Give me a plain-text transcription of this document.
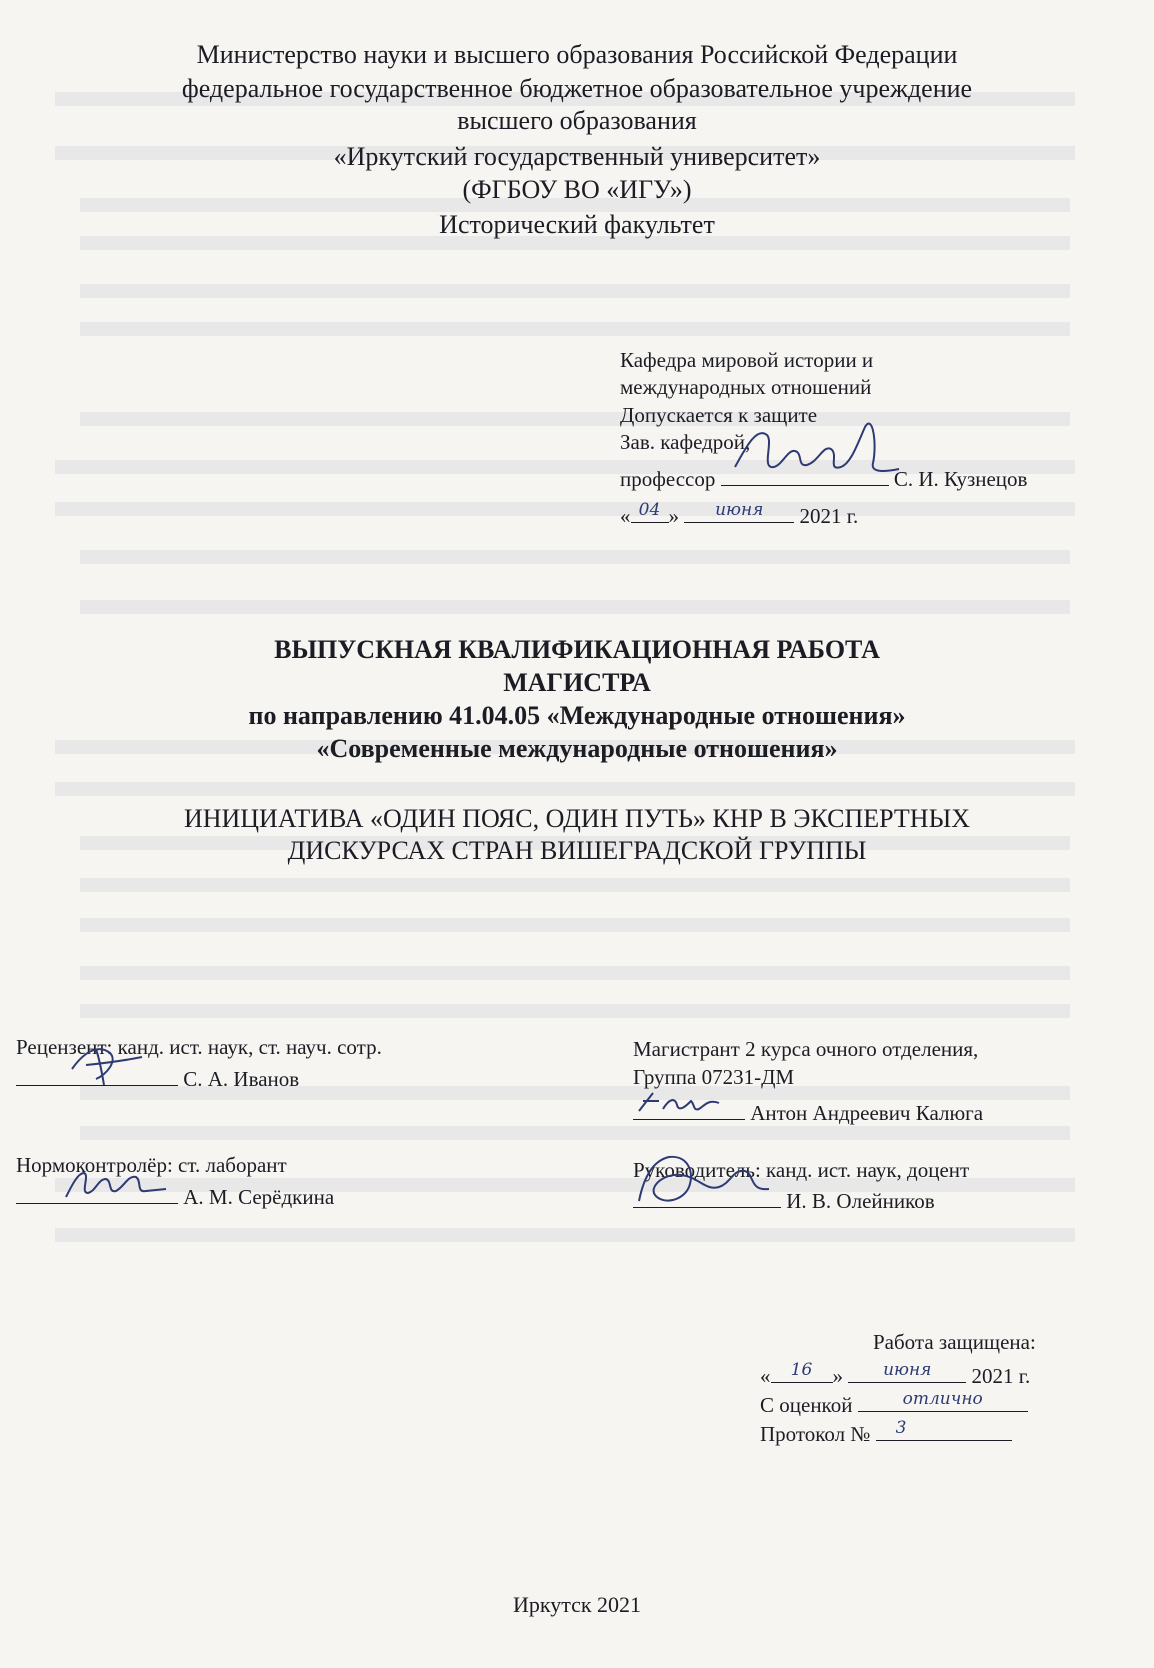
Министерство науки и высшего образования Российской Федерации
федеральное государственное бюджетное образовательное учреждение
высшего образования
«Иркутский государственный университет»
(ФГБОУ ВО «ИГУ»)
Исторический факультет
Кафедра мировой истории и
международных отношений
Допускается к защите
Зав. кафедрой,
профессор	С. И. Кузнецов
« 04 »	июня	2021 г.
ВЫПУСКНАЯ КВАЛИФИКАЦИОННАЯ РАБОТА
МАГИСТРА
по направлению 41.04.05 «Международные отношения»
«Современные международные отношения»
ИНИЦИАТИВА «ОДИН ПОЯС, ОДИН ПУТЬ» КНР В ЭКСПЕРТНЫХ
ДИСКУРСАХ СТРАН ВИШЕГРАДСКОЙ ГРУППЫ
Рецензент: канд. ист. наук, ст. науч. сотр.
С. А. Иванов
Нормоконтролёр: ст. лаборант
А. М. Серёдкина
Магистрант 2 курса очного отделения,
Группа 07231-ДМ
Антон Андреевич Калюга
Руководитель: канд. ист. наук, доцент
И. В. Олейников
Работа защищена:
«	16 »	июня	2021 г.
С оценкой	отлично
Протокол №	3
Иркутск 2021
